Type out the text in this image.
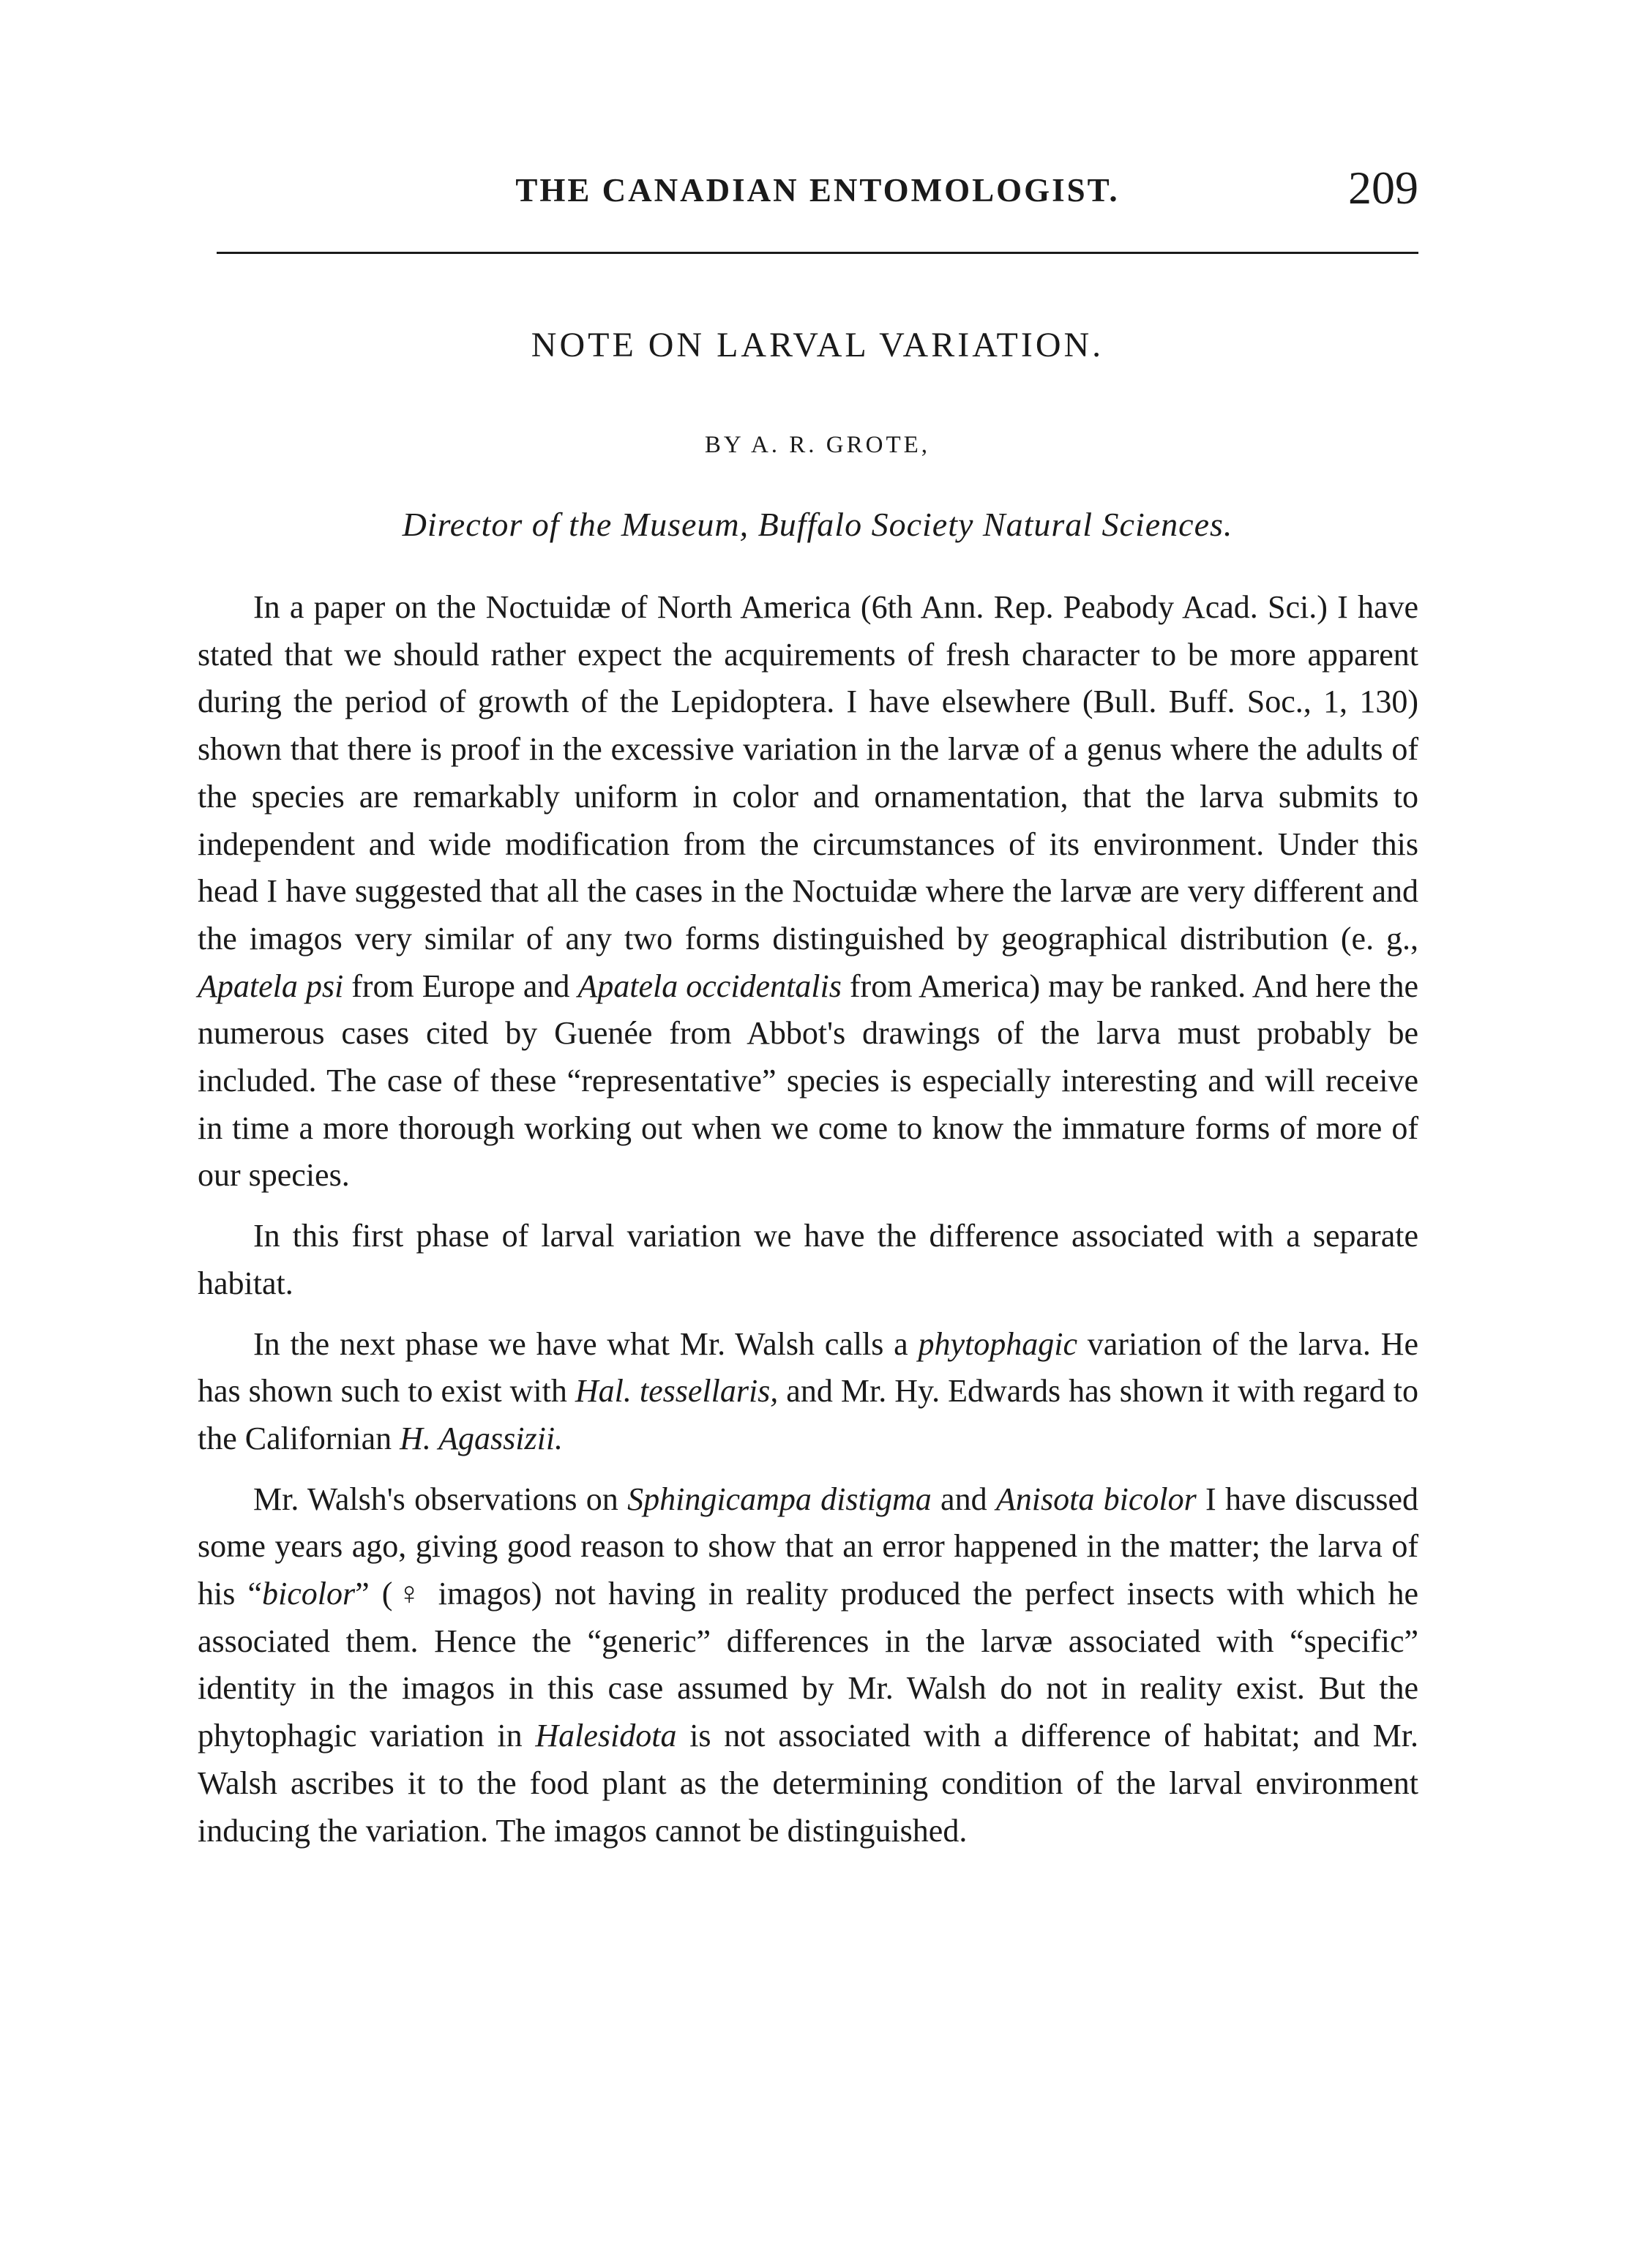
THE CANADIAN ENTOMOLOGIST.	209
NOTE ON LARVAL VARIATION.
BY A. R. GROTE,
Director of the Museum, Buffalo Society Natural Sciences.

In a paper on the Noctuidæ of North America (6th Ann. Rep. Peabody Acad. Sci.) I have stated that we should rather expect the acquirements of fresh character to be more apparent during the period of growth of the Lepidoptera. I have elsewhere (Bull. Buff. Soc., 1, 130) shown that there is proof in the excessive variation in the larvæ of a genus where the adults of the species are remarkably uniform in color and ornamentation, that the larva submits to independent and wide modification from the circumstances of its environment. Under this head I have suggested that all the cases in the Noctuidæ where the larvæ are very different and the imagos very similar of any two forms distinguished by geographical distribution (e. g., Apatela psi from Europe and Apatela occidentalis from America) may be ranked. And here the numerous cases cited by Guenée from Abbot's drawings of the larva must probably be included. The case of these “representative” species is especially interesting and will receive in time a more thorough working out when we come to know the immature forms of more of our species.

In this first phase of larval variation we have the difference associated with a separate habitat.

In the next phase we have what Mr. Walsh calls a phytophagic variation of the larva. He has shown such to exist with Hal. tessellaris, and Mr. Hy. Edwards has shown it with regard to the Californian H. Agassizii.

Mr. Walsh's observations on Sphingicampa distigma and Anisota bicolor I have discussed some years ago, giving good reason to show that an error happened in the matter; the larva of his “bicolor” (♀ imagos) not having in reality produced the perfect insects with which he associated them. Hence the “generic” differences in the larvæ associated with “specific” identity in the imagos in this case assumed by Mr. Walsh do not in reality exist. But the phytophagic variation in Halesidota is not associated with a difference of habitat; and Mr. Walsh ascribes it to the food plant as the determining condition of the larval environment inducing the variation. The imagos cannot be distinguished.
